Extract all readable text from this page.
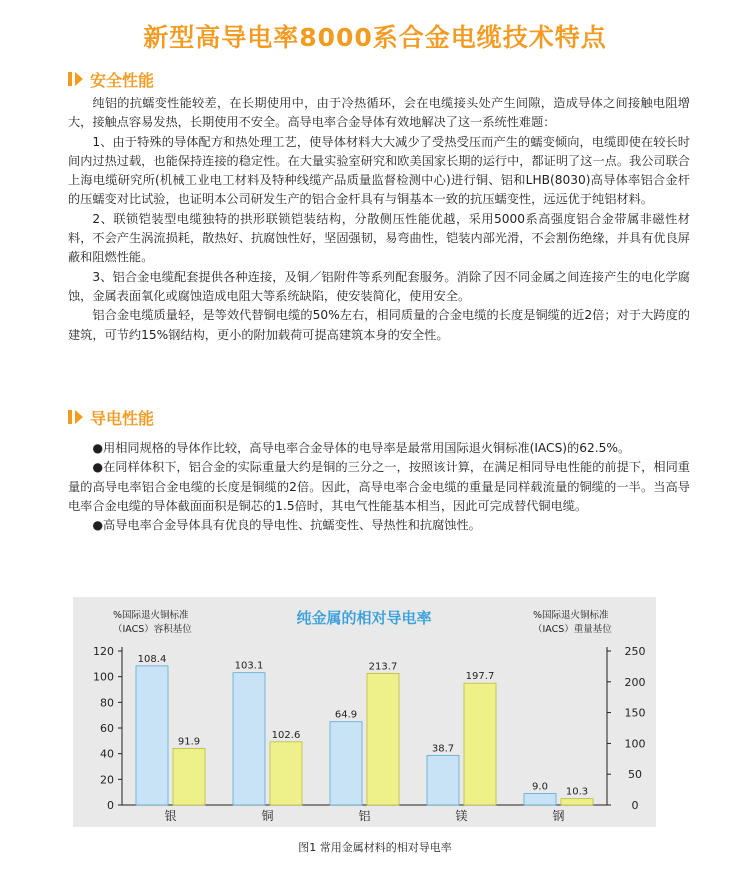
新型高导电率8000系合金电缆技术特点
安全性能

纯铝的抗蠕变性能较差，在长期使用中，由于冷热循环，会在电缆接头处产生间隙，造成导体之间接触电阻增大，接触点容易发热，长期使用不安全。高导电率合金导体有效地解决了这一系统性难题：

1、由于特殊的导体配方和热处理工艺，使导体材料大大减少了受热受压而产生的蠕变倾向，电缆即使在较长时间内过热过载，也能保持连接的稳定性。在大量实验室研究和欧美国家长期的运行中，都证明了这一点。我公司联合上海电缆研究所(机械工业电工材料及特种线缆产品质量监督检测中心)进行铜、铝和LHB(8030)高导体率铝合金杆的压蠕变对比试验，也证明本公司研发生产的铝合金杆具有与铜基本一致的抗压蠕变性，远远优于纯铝材料。

2、联锁铠装型电缆独特的拱形联锁铠装结构，分散侧压性能优越，采用5000系高强度铝合金带属非磁性材料，不会产生涡流损耗，散热好、抗腐蚀性好，坚固强韧，易弯曲性，铠装内部光滑，不会割伤绝缘，并具有优良屏蔽和阻燃性能。

3、铝合金电缆配套提供各种连接，及铜／铝附件等系列配套服务。消除了因不同金属之间连接产生的电化学腐蚀，金属表面氧化或腐蚀造成电阻大等系统缺陷，使安装简化，使用安全。

铝合金电缆质量轻，是等效代替铜电缆的50%左右，相同质量的合金电缆的长度是铜缆的近2倍；对于大跨度的建筑，可节约15%钢结构，更小的附加载荷可提高建筑本身的安全性。

导电性能

●用相同规格的导体作比较，高导电率合金导体的电导率是最常用国际退火铜标准(IACS)的62.5%。

●在同样体积下，铝合金的实际重量大约是铜的三分之一，按照该计算，在满足相同导电性能的前提下，相同重量的高导电率铝合金电缆的长度是铜缆的2倍。因此，高导电率合金电缆的重量是同样载流量的铜缆的一半。当高导电率合金电缆的导体截面面积是铜芯的1.5倍时，其电气性能基本相当，因此可完成替代铜电缆。

●高导电率合金导体具有优良的导电性、抗蠕变性、导热性和抗腐蚀性。

纯金属的相对导电率
%国际退火铜标准
（IACS）容积基位
%国际退火铜标准
（IACS）重量基位
0
20
40
60
80
100
120
0
50
100
150
200
250
108.4
91.9
银
103.1
102.6
铜
64.9
213.7
铝
38.7
197.7
镁
9.0 10.3
钢
图1 常用金属材料的相对导电率
